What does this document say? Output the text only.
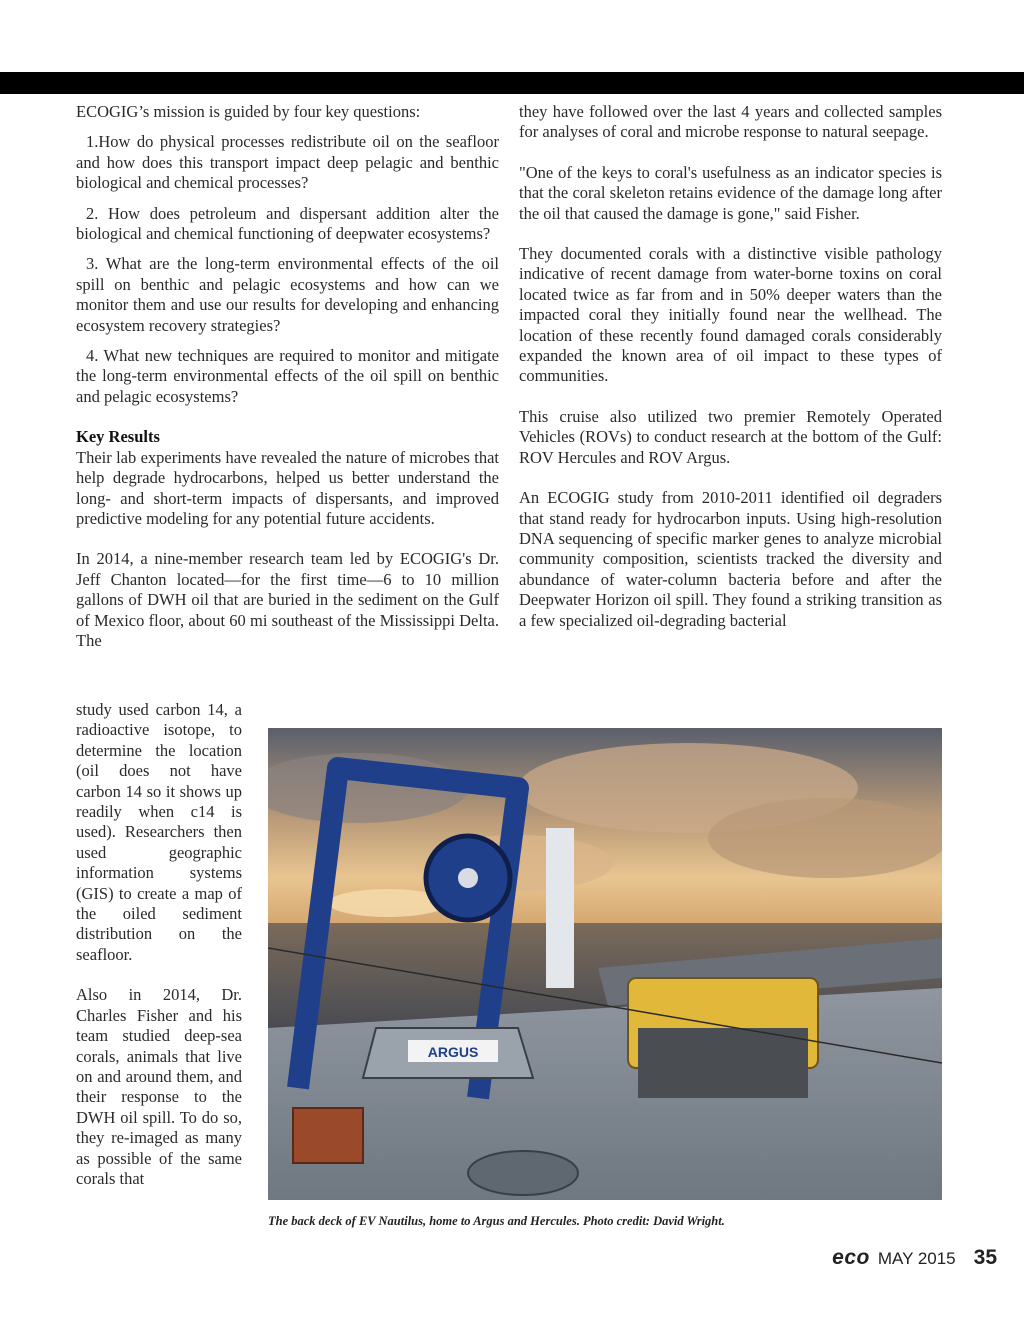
ECOGIG’s mission is guided by four key questions:

1.How do physical processes redistribute oil on the seafloor and how does this transport impact deep pelagic and benthic biological and chemical processes?

2. How does petroleum and dispersant addition alter the biological and chemical functioning of deepwater ecosystems?

3. What are the long-term environmental effects of the oil spill on benthic and pelagic ecosystems and how can we monitor them and use our results for developing and enhancing ecosystem recovery strategies?

4. What new techniques are required to monitor and mitigate the long-term environmental effects of the oil spill on benthic and pelagic ecosystems?

Key Results

Their lab experiments have revealed the nature of microbes that help degrade hydrocarbons, helped us better understand the long- and short-term impacts of dispersants, and improved predictive modeling for any potential future accidents.

In 2014, a nine-member research team led by ECOGIG's Dr. Jeff Chanton located—for the first time—6 to 10 million gallons of DWH oil that are buried in the sediment on the Gulf of Mexico floor, about 60 mi southeast of the Mississippi Delta. The

study used carbon 14, a radioactive isotope, to determine the location (oil does not have carbon 14 so it shows up readily when c14 is used). Researchers then used geographic information systems (GIS) to create a map of the oiled sediment distribution on the seafloor.

Also in 2014, Dr. Charles Fisher and his team studied deep-sea corals, animals that live on and around them, and their response to the DWH oil spill. To do so, they re-imaged as many as possible of the same corals that

they have followed over the last 4 years and collected samples for analyses of coral and microbe response to natural seepage.

"One of the keys to coral's usefulness as an indicator species is that the coral skeleton retains evidence of the damage long after the oil that caused the damage is gone," said Fisher.

They documented corals with a distinctive visible pathology indicative of recent damage from water-borne toxins on coral located twice as far from and in 50% deeper waters than the impacted coral they initially found near the wellhead. The location of these recently found damaged corals considerably expanded the known area of oil impact to these types of communities.

This cruise also utilized two premier Remotely Operated Vehicles (ROVs) to conduct research at the bottom of the Gulf: ROV Hercules and ROV Argus.

An ECOGIG study from 2010-2011 identified oil degraders that stand ready for hydrocarbon inputs. Using high-resolution DNA sequencing of specific marker genes to analyze microbial community composition, scientists tracked the diversity and abundance of water-column bacteria before and after the Deepwater Horizon oil spill. They found a striking transition as a few specialized oil-degrading bacterial

ARGUS
The back deck of EV Nautilus, home to Argus and Hercules. Photo credit: David Wright.
eco MAY 2015 35
